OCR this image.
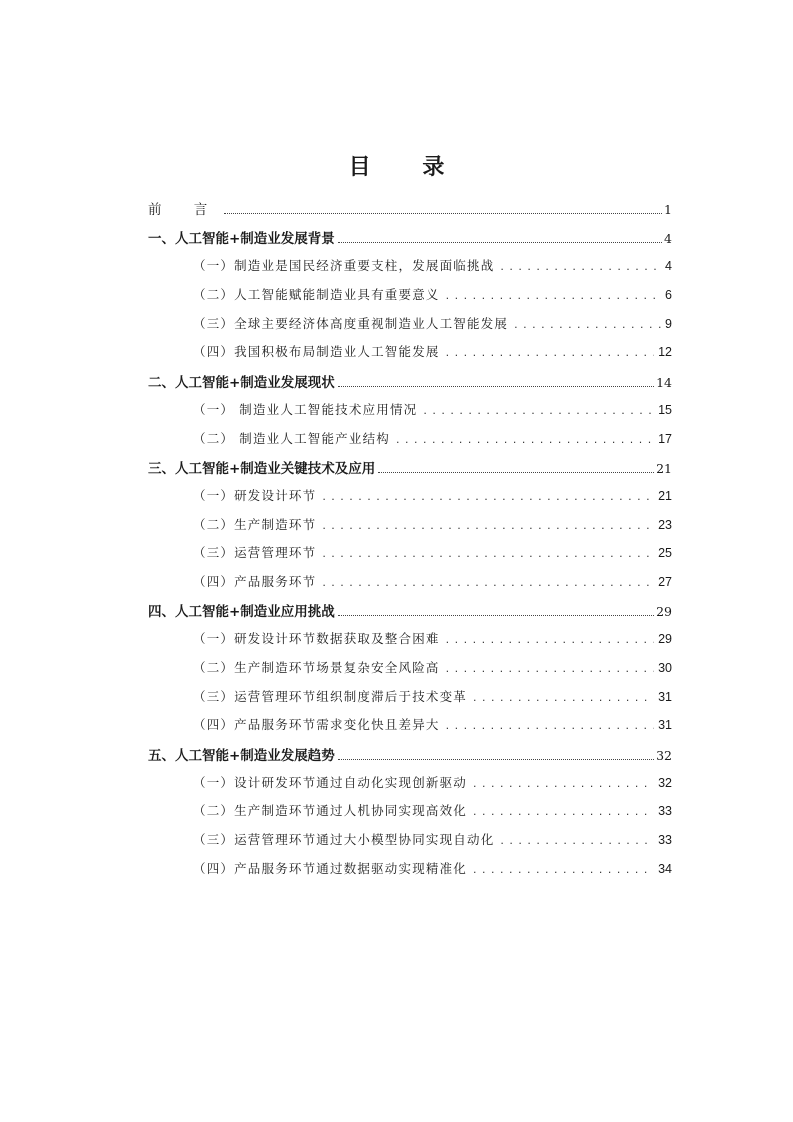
目 录
前 言	1
一、人工智能+制造业发展背景	4
（一）制造业是国民经济重要支柱，发展面临挑战 . . .	4
（二）人工智能赋能制造业具有重要意义 . . .	6
（三）全球主要经济体高度重视制造业人工智能发展 . . .	9
（四）我国积极布局制造业人工智能发展 . . .	12
二、人工智能+制造业发展现状	14
（一） 制造业人工智能技术应用情况 . . .	15
（二） 制造业人工智能产业结构 . . .	17
三、人工智能+制造业关键技术及应用	21
（一）研发设计环节 . . .	21
（二）生产制造环节 . . .	23
（三）运营管理环节 . . .	25
（四）产品服务环节 . . .	27
四、人工智能+制造业应用挑战	29
（一）研发设计环节数据获取及整合困难 . . .	29
（二）生产制造环节场景复杂安全风险高 . . .	30
（三）运营管理环节组织制度滞后于技术变革 . . .	31
（四）产品服务环节需求变化快且差异大 . . .	31
五、人工智能+制造业发展趋势	32
（一）设计研发环节通过自动化实现创新驱动 . . .	32
（二）生产制造环节通过人机协同实现高效化 . . .	33
（三）运营管理环节通过大小模型协同实现自动化 . . .	33
（四）产品服务环节通过数据驱动实现精准化 . . .	34
